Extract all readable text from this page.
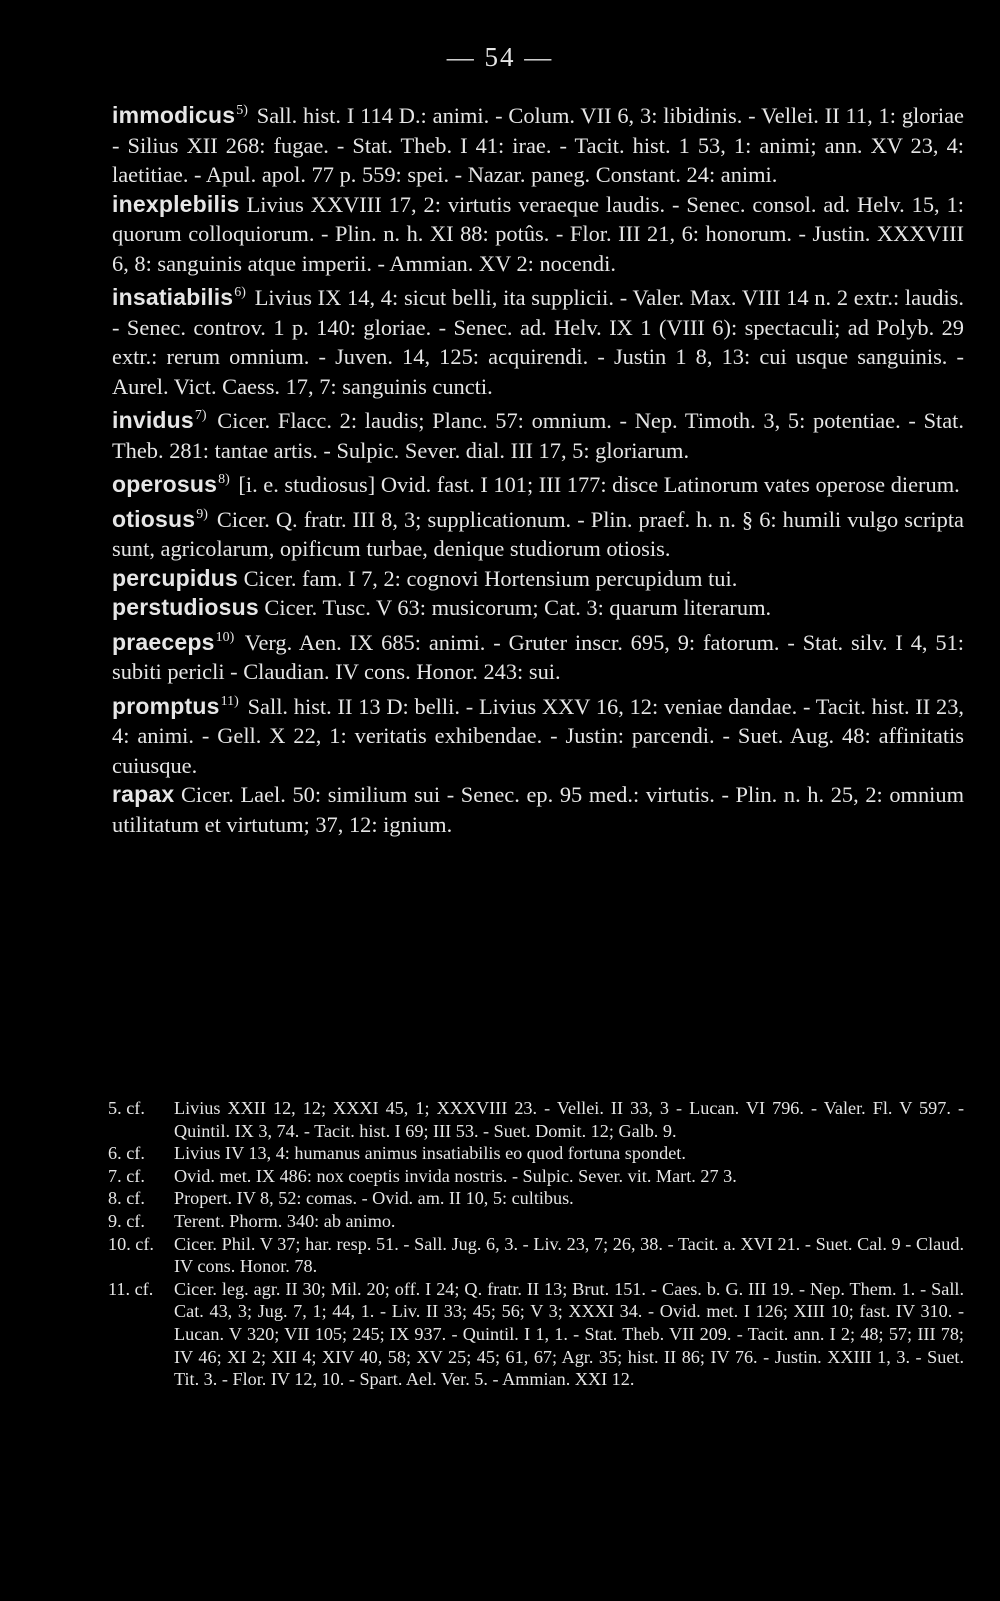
— 54 —

immodicus$^{5)}$ Sall. hist. I 114 D.: animi. - Colum. VII 6, 3: libidinis. - Vellei. II 11, 1: gloriae - Silius XII 268: fugae. - Stat. Theb. I 41: irae. - Tacit. hist. 1 53, 1: animi; ann. XV 23, 4: laetitiae. - Apul. apol. 77 p. 559: spei. - Nazar. paneg. Constant. 24: animi.

inexplebilis Livius XXVIII 17, 2: virtutis veraeque laudis. - Senec. consol. ad. Helv. 15, 1: quorum colloquiorum. - Plin. n. h. XI 88: potûs. - Flor. III 21, 6: honorum. - Justin. XXXVIII 6, 8: sanguinis atque imperii. - Ammian. XV 2: nocendi.

insatiabilis$^{6)}$ Livius IX 14, 4: sicut belli, ita supplicii. - Valer. Max. VIII 14 n. 2 extr.: laudis. - Senec. controv. 1 p. 140: gloriae. - Senec. ad. Helv. IX 1 (VIII 6): spectaculi; ad Polyb. 29 extr.: rerum omnium. - Juven. 14, 125: acquirendi. - Justin 1 8, 13: cui usque sanguinis. - Aurel. Vict. Caess. 17, 7: sanguinis cuncti.

invidus$^{7)}$ Cicer. Flacc. 2: laudis; Planc. 57: omnium. - Nep. Timoth. 3, 5: potentiae. - Stat. Theb. 281: tantae artis. - Sulpic. Sever. dial. III 17, 5: gloriarum.

operosus$^{8)}$ [i. e. studiosus] Ovid. fast. I 101; III 177: disce Latinorum vates operose dierum.

otiosus$^{9)}$ Cicer. Q. fratr. III 8, 3; supplicationum. - Plin. praef. h. n. § 6: humili vulgo scripta sunt, agricolarum, opificum turbae, denique studiorum otiosis.

percupidus Cicer. fam. I 7, 2: cognovi Hortensium percupidum tui.

perstudiosus Cicer. Tusc. V 63: musicorum; Cat. 3: quarum literarum.

praeceps$^{10)}$ Verg. Aen. IX 685: animi. - Gruter inscr. 695, 9: fatorum. - Stat. silv. I 4, 51: subiti pericli - Claudian. IV cons. Honor. 243: sui.

promptus$^{11)}$ Sall. hist. II 13 D: belli. - Livius XXV 16, 12: veniae dandae. - Tacit. hist. II 23, 4: animi. - Gell. X 22, 1: veritatis exhibendae. - Justin: parcendi. - Suet. Aug. 48: affinitatis cuiusque.

rapax Cicer. Lael. 50: similium sui - Senec. ep. 95 med.: virtutis. - Plin. n. h. 25, 2: omnium utilitatum et virtutum; 37, 12: ignium.

5. cf.	Livius XXII 12, 12; XXXI 45, 1; XXXVIII 23. - Vellei. II 33, 3 - Lucan. VI 796. - Valer. Fl. V 597. - Quintil. IX 3, 74. - Tacit. hist. I 69; III 53. - Suet. Domit. 12; Galb. 9.
6. cf.	Livius IV 13, 4: humanus animus insatiabilis eo quod fortuna spondet.
7. cf.	Ovid. met. IX 486: nox coeptis invida nostris. - Sulpic. Sever. vit. Mart. 27 3.
8. cf.	Propert. IV 8, 52: comas. - Ovid. am. II 10, 5: cultibus.
9. cf.	Terent. Phorm. 340: ab animo.
10. cf.	Cicer. Phil. V 37; har. resp. 51. - Sall. Jug. 6, 3. - Liv. 23, 7; 26, 38. - Tacit. a. XVI 21. - Suet. Cal. 9 - Claud. IV cons. Honor. 78.
11. cf.	Cicer. leg. agr. II 30; Mil. 20; off. I 24; Q. fratr. II 13; Brut. 151. - Caes. b. G. III 19. - Nep. Them. 1. - Sall. Cat. 43, 3; Jug. 7, 1; 44, 1. - Liv. II 33; 45; 56; V 3; XXXI 34. - Ovid. met. I 126; XIII 10; fast. IV 310. - Lucan. V 320; VII 105; 245; IX 937. - Quintil. I 1, 1. - Stat. Theb. VII 209. - Tacit. ann. I 2; 48; 57; III 78; IV 46; XI 2; XII 4; XIV 40, 58; XV 25; 45; 61, 67; Agr. 35; hist. II 86; IV 76. - Justin. XXIII 1, 3. - Suet. Tit. 3. - Flor. IV 12, 10. - Spart. Ael. Ver. 5. - Ammian. XXI 12.
